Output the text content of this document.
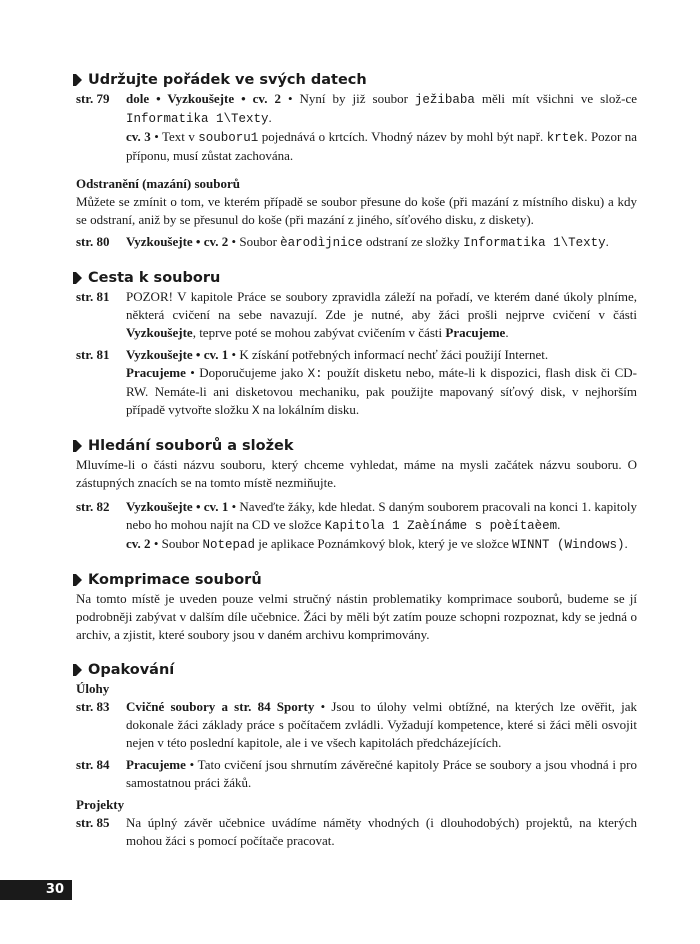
Udržujte pořádek ve svých datech
str. 79	dole • Vyzkoušejte • cv. 2 • Nyní by již soubor ježibaba měli mít všichni ve slož-ce Informatika 1\Texty.

cv. 3 • Text v souboru1 pojednává o krtcích. Vhodný název by mohl být např. krtek. Pozor na příponu, musí zůstat zachována.

Odstranění (mazání) souborů

Můžete se zmínit o tom, ve kterém případě se soubor přesune do koše (při mazání z místního disku) a kdy se odstraní, aniž by se přesunul do koše (při mazání z jiného, síťového disku, z diskety).

str. 80	Vyzkoušejte • cv. 2 • Soubor èarodìjnice odstraní ze složky Informatika 1\Texty.
Cesta k souboru
str. 81	POZOR! V kapitole Práce se soubory zpravidla záleží na pořadí, ve kterém dané úkoly plníme, některá cvičení na sebe navazují. Zde je nutné, aby žáci prošli nejprve cvičení v části Vyzkoušejte, teprve poté se mohou zabývat cvičením v části Pracujeme.
str. 81	Vyzkoušejte • cv. 1 • K získání potřebných informací nechť žáci použijí Internet.

Pracujeme • Doporučujeme jako X: použít disketu nebo, máte-li k dispozici, flash disk či CD-RW. Nemáte-li ani disketovou mechaniku, pak použijte mapovaný síťový disk, v nejhorším případě vytvořte složku X na lokálním disku.

Hledání souborů a složek

Mluvíme-li o části názvu souboru, který chceme vyhledat, máme na mysli začátek názvu souboru. O zástupných znacích se na tomto místě nezmiňujte.

str. 82	Vyzkoušejte • cv. 1 • Naveďte žáky, kde hledat. S daným souborem pracovali na konci 1. kapitoly nebo ho mohou najít na CD ve složce Kapitola 1 Zaèínáme s poèítaèem.

cv. 2 • Soubor Notepad je aplikace Poznámkový blok, který je ve složce WINNT (Windows).

Komprimace souborů

Na tomto místě je uveden pouze velmi stručný nástin problematiky komprimace souborů, budeme se jí podrobněji zabývat v dalším díle učebnice. Žáci by měli být zatím pouze schopni rozpoznat, kdy se jedná o archiv, a zjistit, které soubory jsou v daném archivu komprimovány.

Opakování

Úlohy

str. 83	Cvičné soubory a str. 84 Sporty • Jsou to úlohy velmi obtížné, na kterých lze ověřit, jak dokonale žáci základy práce s počítačem zvládli. Vyžadují kompetence, které si žáci měli osvojit nejen v této poslední kapitole, ale i ve všech kapitolách předcházejících.
str. 84	Pracujeme • Tato cvičení jsou shrnutím závěrečné kapitoly Práce se soubory a jsou vhodná i pro samostatnou práci žáků.

Projekty

str. 85	Na úplný závěr učebnice uvádíme náměty vhodných (i dlouhodobých) projektů, na kterých mohou žáci s pomocí počítače pracovat.
30
